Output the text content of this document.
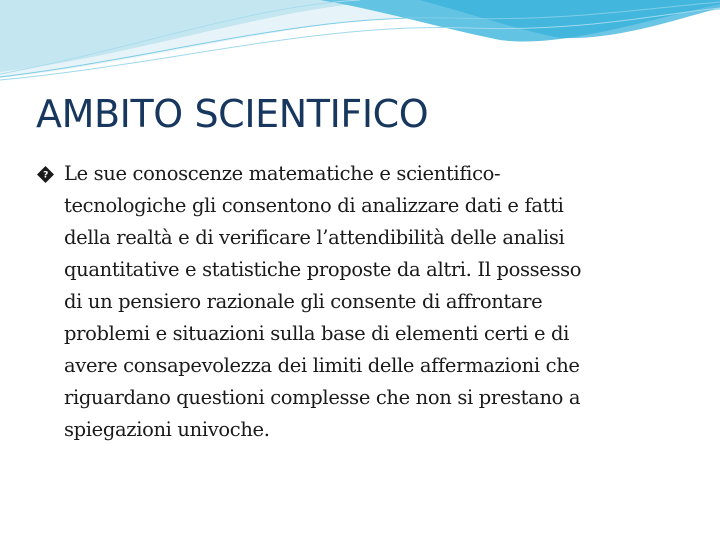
AMBITO SCIENTIFICO

? Le sue conoscenze matematiche e scientifico-
tecnologiche gli consentono di analizzare dati e fatti
della realtà e di verificare l’attendibilità delle analisi
quantitative e statistiche proposte da altri. Il possesso
di un pensiero razionale gli consente di affrontare
problemi e situazioni sulla base di elementi certi e di
avere consapevolezza dei limiti delle affermazioni che
riguardano questioni complesse che non si prestano a
spiegazioni univoche.
